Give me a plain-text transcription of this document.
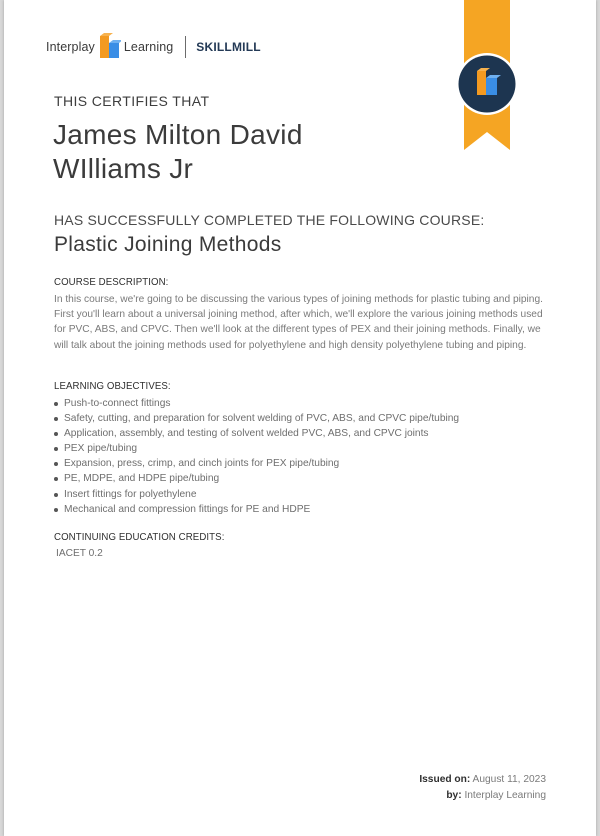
Interplay Learning SKILLMILL
THIS CERTIFIES THAT
James Milton David
WIlliams Jr
HAS SUCCESSFULLY COMPLETED THE FOLLOWING COURSE:
Plastic Joining Methods
COURSE DESCRIPTION:
In this course, we're going to be discussing the various types of joining methods for plastic tubing and piping. First you'll learn about a universal joining method, after which, we'll explore the various joining methods used for PVC, ABS, and CPVC. Then we'll look at the different types of PEX and their joining methods. Finally, we will talk about the joining methods used for polyethylene and high density polyethylene tubing and piping.
LEARNING OBJECTIVES:
Push-to-connect fittings
Safety, cutting, and preparation for solvent welding of PVC, ABS, and CPVC pipe/tubing
Application, assembly, and testing of solvent welded PVC, ABS, and CPVC joints
PEX pipe/tubing
Expansion, press, crimp, and cinch joints for PEX pipe/tubing
PE, MDPE, and HDPE pipe/tubing
Insert fittings for polyethylene
Mechanical and compression fittings for PE and HDPE
CONTINUING EDUCATION CREDITS:
IACET 0.2
Issued on: August 11, 2023
by: Interplay Learning
